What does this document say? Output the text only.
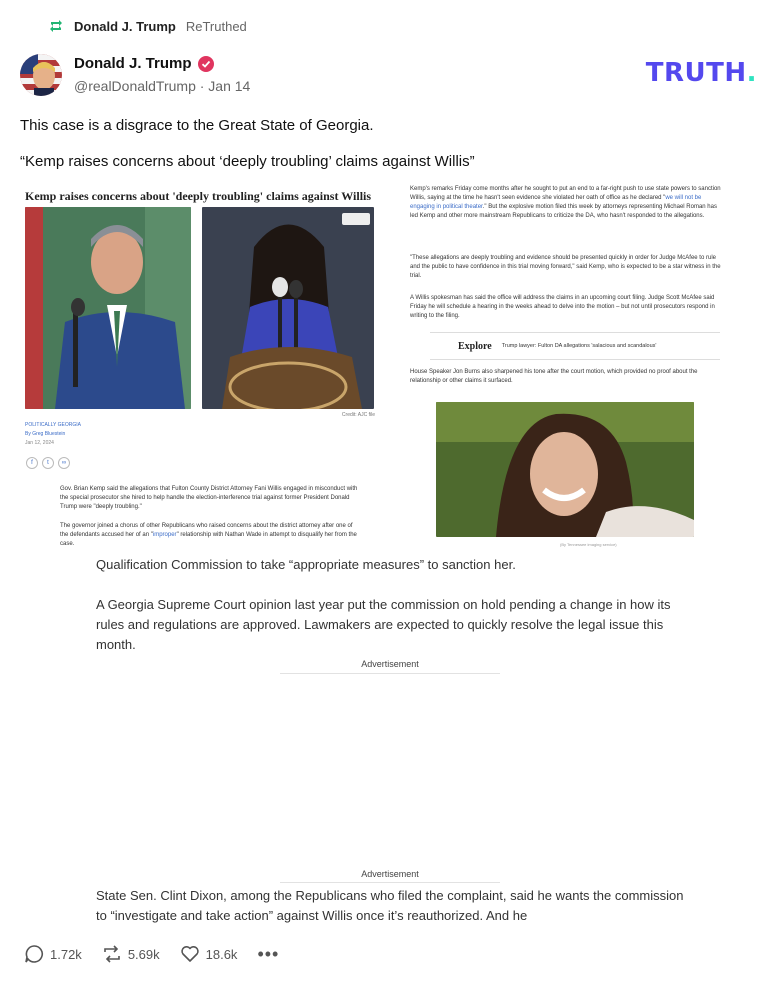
Donald J. Trump ReTruthed
Donald J. Trump
@realDonaldTrump · Jan 14	TRUTH.
This case is a disgrace to the Great State of Georgia.
“Kemp raises concerns about ‘deeply troubling’ claims against Willis”
Kemp raises concerns about 'deeply troubling' claims against Willis
Credit: AJC file
POLITICALLY GEORGIA
By Greg Bluestein
Jan 12, 2024
f	t	∞
Gov. Brian Kemp said the allegations that Fulton County District Attorney Fani Willis engaged in misconduct with the special prosecutor she hired to help handle the election-interference trial against former President Donald Trump were "deeply troubling."
The governor joined a chorus of other Republicans who raised concerns about the district attorney after one of the defendants accused her of an "improper" relationship with Nathan Wade in attempt to disqualify her from the case.
Kemp's remarks Friday come months after he sought to put an end to a far-right push to use state powers to sanction Willis, saying at the time he hasn't seen evidence she violated her oath of office as he declared "we will not be engaging in political theater." But the explosive motion filed this week by attorneys representing Michael Roman has led Kemp and other more mainstream Republicans to criticize the DA, who hasn't responded to the allegations.
"These allegations are deeply troubling and evidence should be presented quickly in order for Judge McAfee to rule and the public to have confidence in this trial moving forward," said Kemp, who is expected to be a star witness in the trial.
A Willis spokesman has said the office will address the claims in an upcoming court filing. Judge Scott McAfee said Friday he will schedule a hearing in the weeks ahead to delve into the motion – but not until prosecutors respond in writing to the filing.
Explore Trump lawyer: Fulton DA allegations 'salacious and scandalous'
House Speaker Jon Burns also sharpened his tone after the court motion, which provided no proof about the relationship or other claims it surfaced.
(By Tennessee imaging service)
Qualification Commission to take “appropriate measures” to sanction her.
A Georgia Supreme Court opinion last year put the commission on hold pending a change in how its rules and regulations are approved. Lawmakers are expected to quickly resolve the legal issue this month.
Advertisement
Advertisement
State Sen. Clint Dixon, among the Republicans who filed the complaint, said he wants the commission to “investigate and take action” against Willis once it’s reauthorized. And he
1.72k	5.69k	18.6k •••
